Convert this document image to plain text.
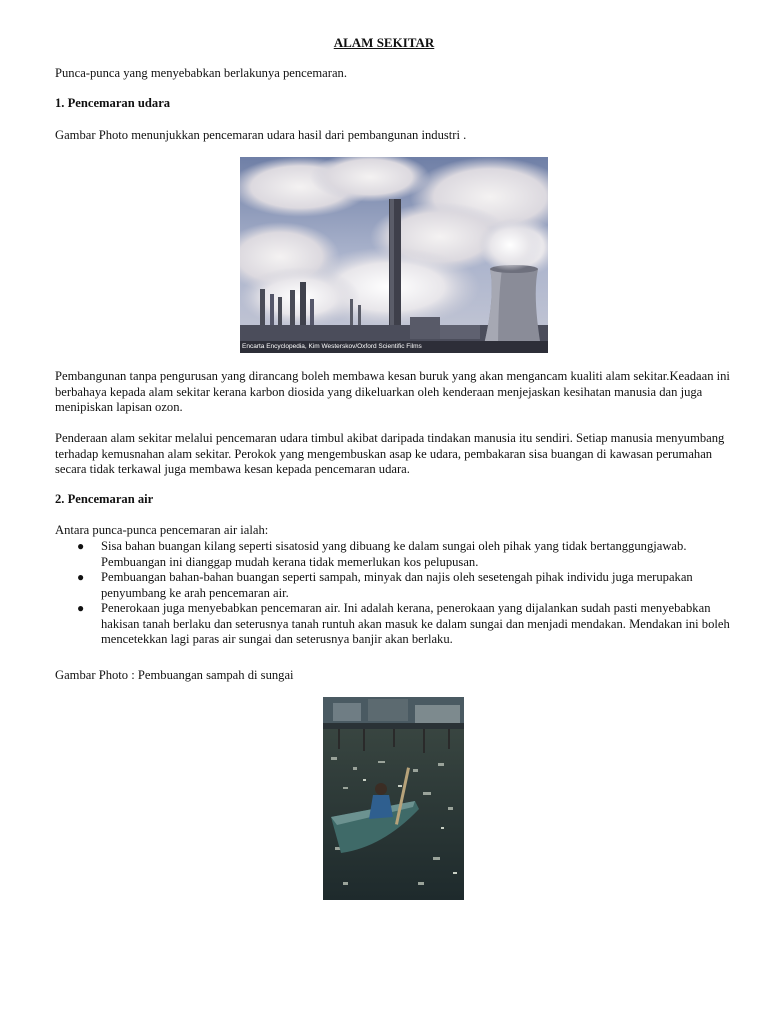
ALAM SEKITAR

Punca-punca yang menyebabkan berlakunya pencemaran.

1. Pencemaran udara

Gambar Photo menunjukkan pencemaran udara hasil dari pembangunan industri .

Encarta Encyclopedia, Kim Westerskov/Oxford Scientific Films

Pembangunan tanpa pengurusan yang dirancang boleh membawa kesan buruk yang akan mengancam kualiti alam sekitar.Keadaan ini berbahaya kepada alam sekitar kerana karbon diosida yang dikeluarkan oleh kenderaan menjejaskan kesihatan manusia dan juga menipiskan lapisan ozon.

Penderaan alam sekitar melalui pencemaran udara timbul akibat daripada tindakan manusia itu sendiri. Setiap manusia menyumbang terhadap kemusnahan alam sekitar. Perokok yang mengembuskan asap ke udara, pembakaran sisa buangan di kawasan perumahan secara tidak terkawal juga membawa kesan kepada pencemaran udara.

2. Pencemaran air

Antara punca-punca pencemaran air ialah:

● Sisa bahan buangan kilang seperti sisatosid yang dibuang ke dalam sungai oleh pihak yang tidak bertanggungjawab. Pembuangan ini dianggap mudah kerana tidak memerlukan kos pelupusan.
● Pembuangan bahan-bahan buangan seperti sampah, minyak dan najis oleh sesetengah pihak individu juga merupakan penyumbang ke arah pencemaran air.
● Penerokaan juga menyebabkan pencemaran air. Ini adalah kerana, penerokaan yang dijalankan sudah pasti menyebabkan hakisan tanah berlaku dan seterusnya tanah runtuh akan masuk ke dalam sungai dan menjadi mendakan. Mendakan ini boleh mencetekkan lagi paras air sungai dan seterusnya banjir akan berlaku.

Gambar Photo : Pembuangan sampah di sungai
